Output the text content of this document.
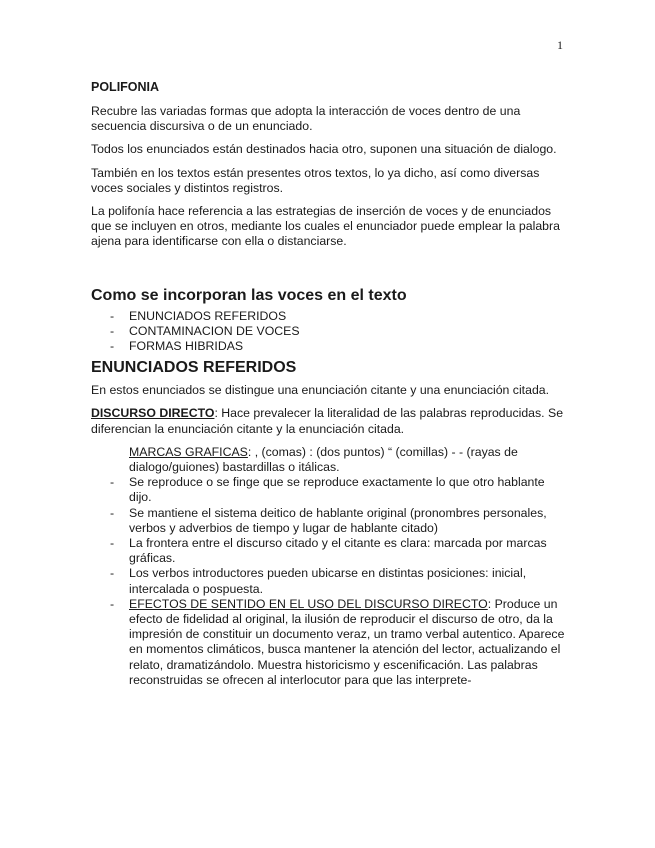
1
POLIFONIA

Recubre las variadas formas que adopta la interacción de voces dentro de una secuencia discursiva o de un enunciado.

Todos los enunciados están destinados hacia otro, suponen una situación de dialogo.

También en los textos están presentes otros textos, lo ya dicho, así como diversas voces sociales y distintos registros.

La polifonía hace referencia a las estrategias de inserción de voces y de enunciados que se incluyen en otros, mediante los cuales el enunciador puede emplear la palabra ajena para identificarse con ella o distanciarse.

Como se incorporan las voces en el texto
- ENUNCIADOS REFERIDOS
- CONTAMINACION DE VOCES
- FORMAS HIBRIDAS
ENUNCIADOS REFERIDOS

En estos enunciados se distingue una enunciación citante y una enunciación citada.

DISCURSO DIRECTO: Hace prevalecer la literalidad de las palabras reproducidas. Se diferencian la enunciación citante y la enunciación citada.

MARCAS GRAFICAS: , (comas) : (dos puntos) “ (comillas) - - (rayas de dialogo/guiones) bastardillas o itálicas.
- Se reproduce o se finge que se reproduce exactamente lo que otro hablante dijo.
- Se mantiene el sistema deitico de hablante original (pronombres personales, verbos y adverbios de tiempo y lugar de hablante citado)
- La frontera entre el discurso citado y el citante es clara: marcada por marcas gráficas.
- Los verbos introductores pueden ubicarse en distintas posiciones: inicial, intercalada o pospuesta.
- EFECTOS DE SENTIDO EN EL USO DEL DISCURSO DIRECTO: Produce un efecto de fidelidad al original, la ilusión de reproducir el discurso de otro, da la impresión de constituir un documento veraz, un tramo verbal autentico. Aparece en momentos climáticos, busca mantener la atención del lector, actualizando el relato, dramatizándolo. Muestra historicismo y escenificación. Las palabras reconstruidas se ofrecen al interlocutor para que las interprete-
